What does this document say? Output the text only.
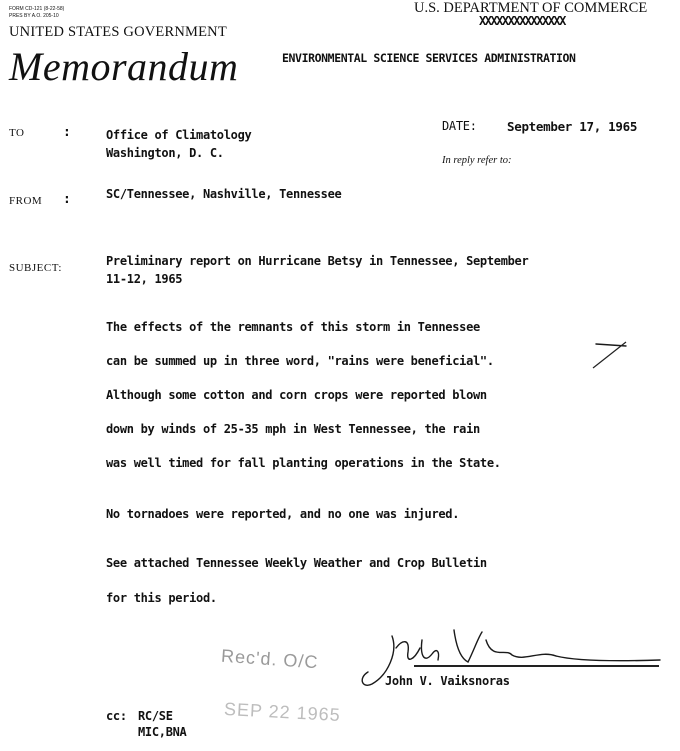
FORM CD-121 (8-22-58)
PRES BY A.O. 205-10
UNITED STATES GOVERNMENT
Memorandum
U.S. DEPARTMENT OF COMMERCE
XXXXXXXXXXXXXXX
ENVIRONMENTAL SCIENCE SERVICES ADMINISTRATION
TO	:	Office of Climatology
Washington, D. C.
DATE: September 17, 1965
In reply refer to:
FROM :	SC/Tennessee, Nashville, Tennessee
SUBJECT:	Preliminary report on Hurricane Betsy in Tennessee, September
11-12, 1965
The effects of the remnants of this storm in Tennessee
can be summed up in three word, "rains were beneficial".
Although some cotton and corn crops were reported blown
down by winds of 25-35 mph in West Tennessee, the rain
was well timed for fall planting operations in the State.
No tornadoes were reported, and no one was injured.
See attached Tennessee Weekly Weather and Crop Bulletin
for this period.
Rec'd. O/C
SEP 22 1965
John V. Vaiksnoras
cc: RC/SE
MIC,BNA
